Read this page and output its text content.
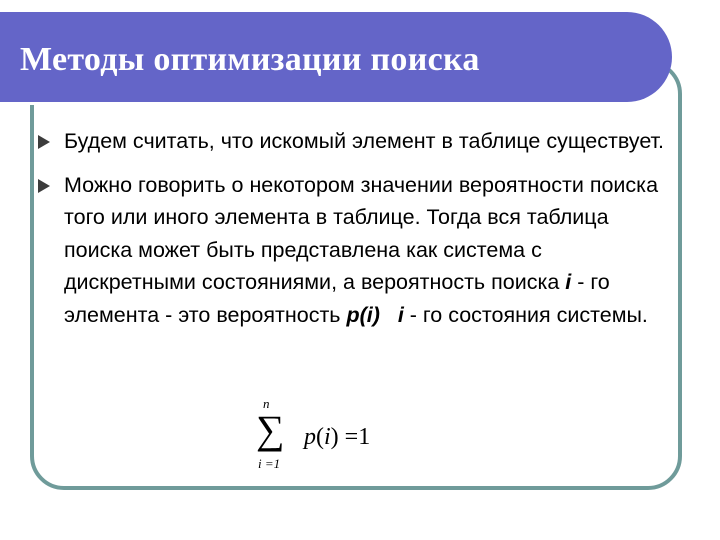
Методы оптимизации поиска
Будем считать, что искомый элемент в таблице существует.
Можно говорить о некотором значении вероятности поиска того или иного элемента в таблице. Тогда вся таблица поиска может быть представлена как система с дискретными состояниями, а вероятность поиска i - го элемента - это вероятность p(i) i - го состояния системы.
n
∑
i =1
p(i) =1
